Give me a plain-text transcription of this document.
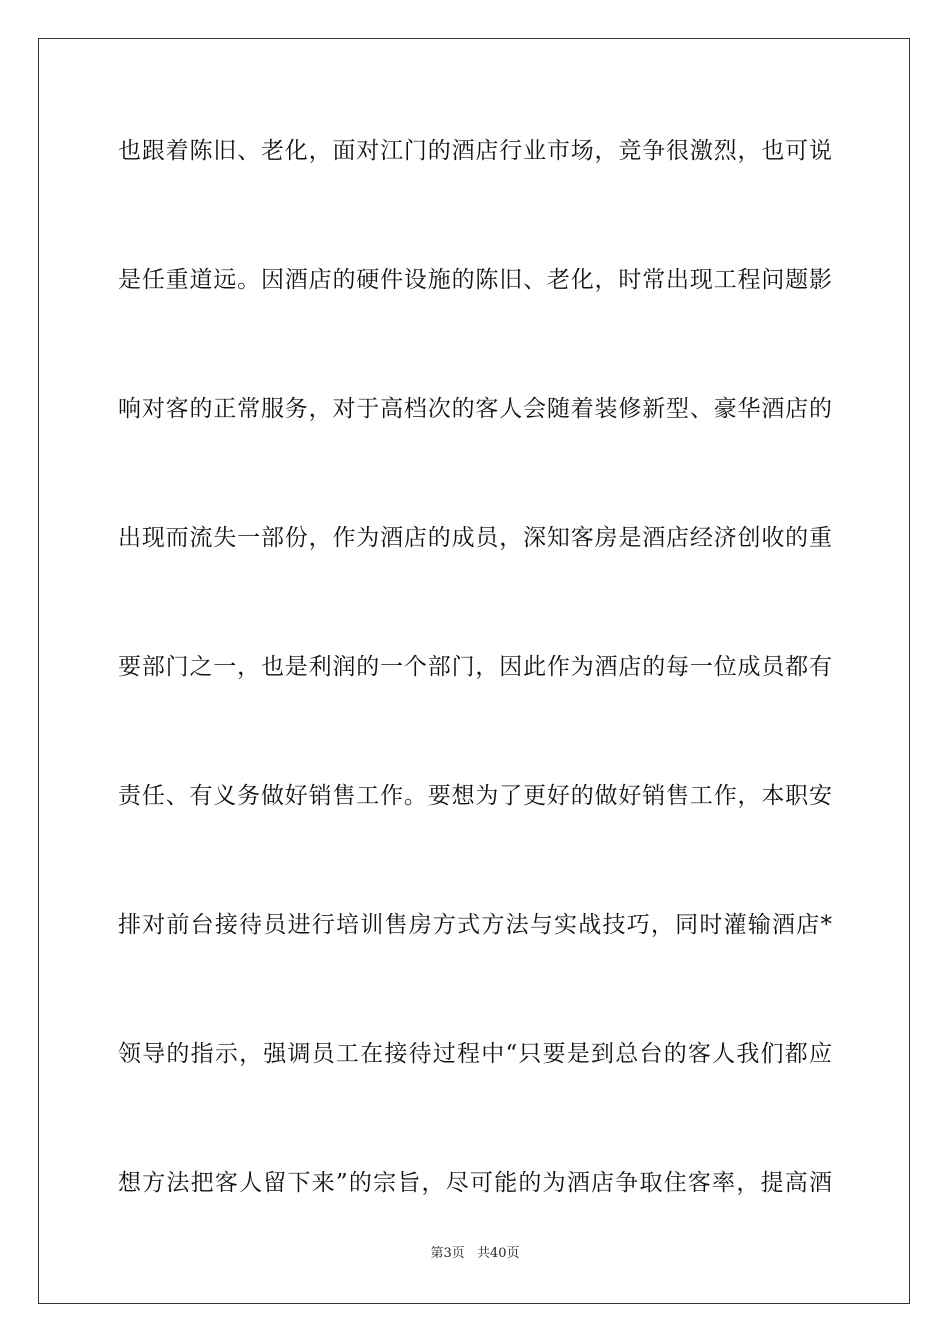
也跟着陈旧、老化，面对江门的酒店行业市场，竞争很激烈，也可说
是任重道远。因酒店的硬件设施的陈旧、老化，时常出现工程问题影
响对客的正常服务，对于高档次的客人会随着装修新型、豪华酒店的
出现而流失一部份，作为酒店的成员，深知客房是酒店经济创收的重
要部门之一，也是利润的一个部门，因此作为酒店的每一位成员都有
责任、有义务做好销售工作。要想为了更好的做好销售工作，本职安
排对前台接待员进行培训售房方式方法与实战技巧，同时灌输酒店*
领导的指示，强调员工在接待过程中“只要是到总台的客人我们都应
想方法把客人留下来”的宗旨，尽可能的为酒店争取住客率，提高酒
第3页 共40页
